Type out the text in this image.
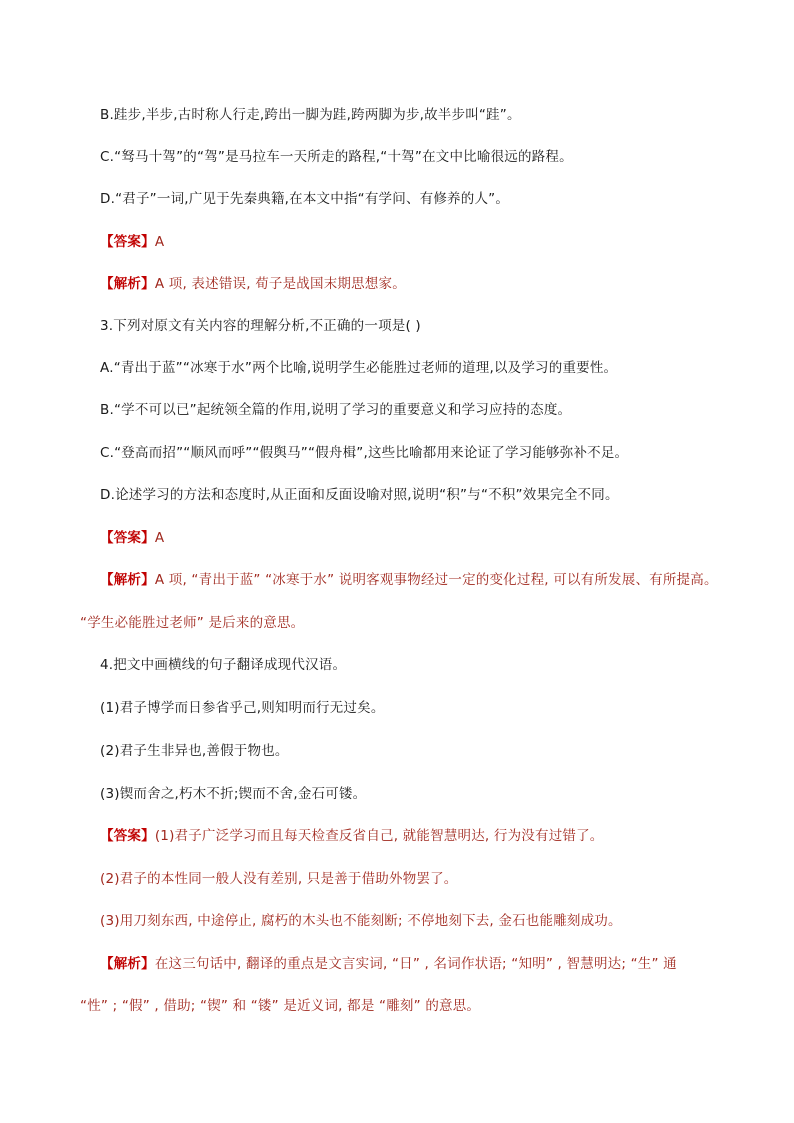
B.跬步,半步,古时称人行走,跨出一脚为跬,跨两脚为步,故半步叫“跬”。
C.“驽马十驾”的“驾”是马拉车一天所走的路程,“十驾”在文中比喻很远的路程。
D.“君子”一词,广见于先秦典籍,在本文中指“有学问、有修养的人”。
【答案】A
【解析】A 项, 表述错误, 荀子是战国末期思想家。
3.下列对原文有关内容的理解分析,不正确的一项是( )
A.“青出于蓝”“冰寒于水”两个比喻,说明学生必能胜过老师的道理,以及学习的重要性。
B.“学不可以已”起统领全篇的作用,说明了学习的重要意义和学习应持的态度。
C.“登高而招”“顺风而呼”“假舆马”“假舟楫”,这些比喻都用来论证了学习能够弥补不足。
D.论述学习的方法和态度时,从正面和反面设喻对照,说明“积”与“不积”效果完全不同。
【答案】A
【解析】A 项, “青出于蓝” “冰寒于水” 说明客观事物经过一定的变化过程, 可以有所发展、有所提高。
“学生必能胜过老师” 是后来的意思。
4.把文中画横线的句子翻译成现代汉语。
(1)君子博学而日参省乎己,则知明而行无过矣。
(2)君子生非异也,善假于物也。
(3)锲而舍之,朽木不折;锲而不舍,金石可镂。
【答案】(1)君子广泛学习而且每天检查反省自己, 就能智慧明达, 行为没有过错了。
(2)君子的本性同一般人没有差别, 只是善于借助外物罢了。
(3)用刀刻东西, 中途停止, 腐朽的木头也不能刻断; 不停地刻下去, 金石也能雕刻成功。
【解析】在这三句话中, 翻译的重点是文言实词, “日” , 名词作状语; “知明” , 智慧明达; “生” 通
“性” ; “假” , 借助; “锲” 和 “镂” 是近义词, 都是 “雕刻” 的意思。
